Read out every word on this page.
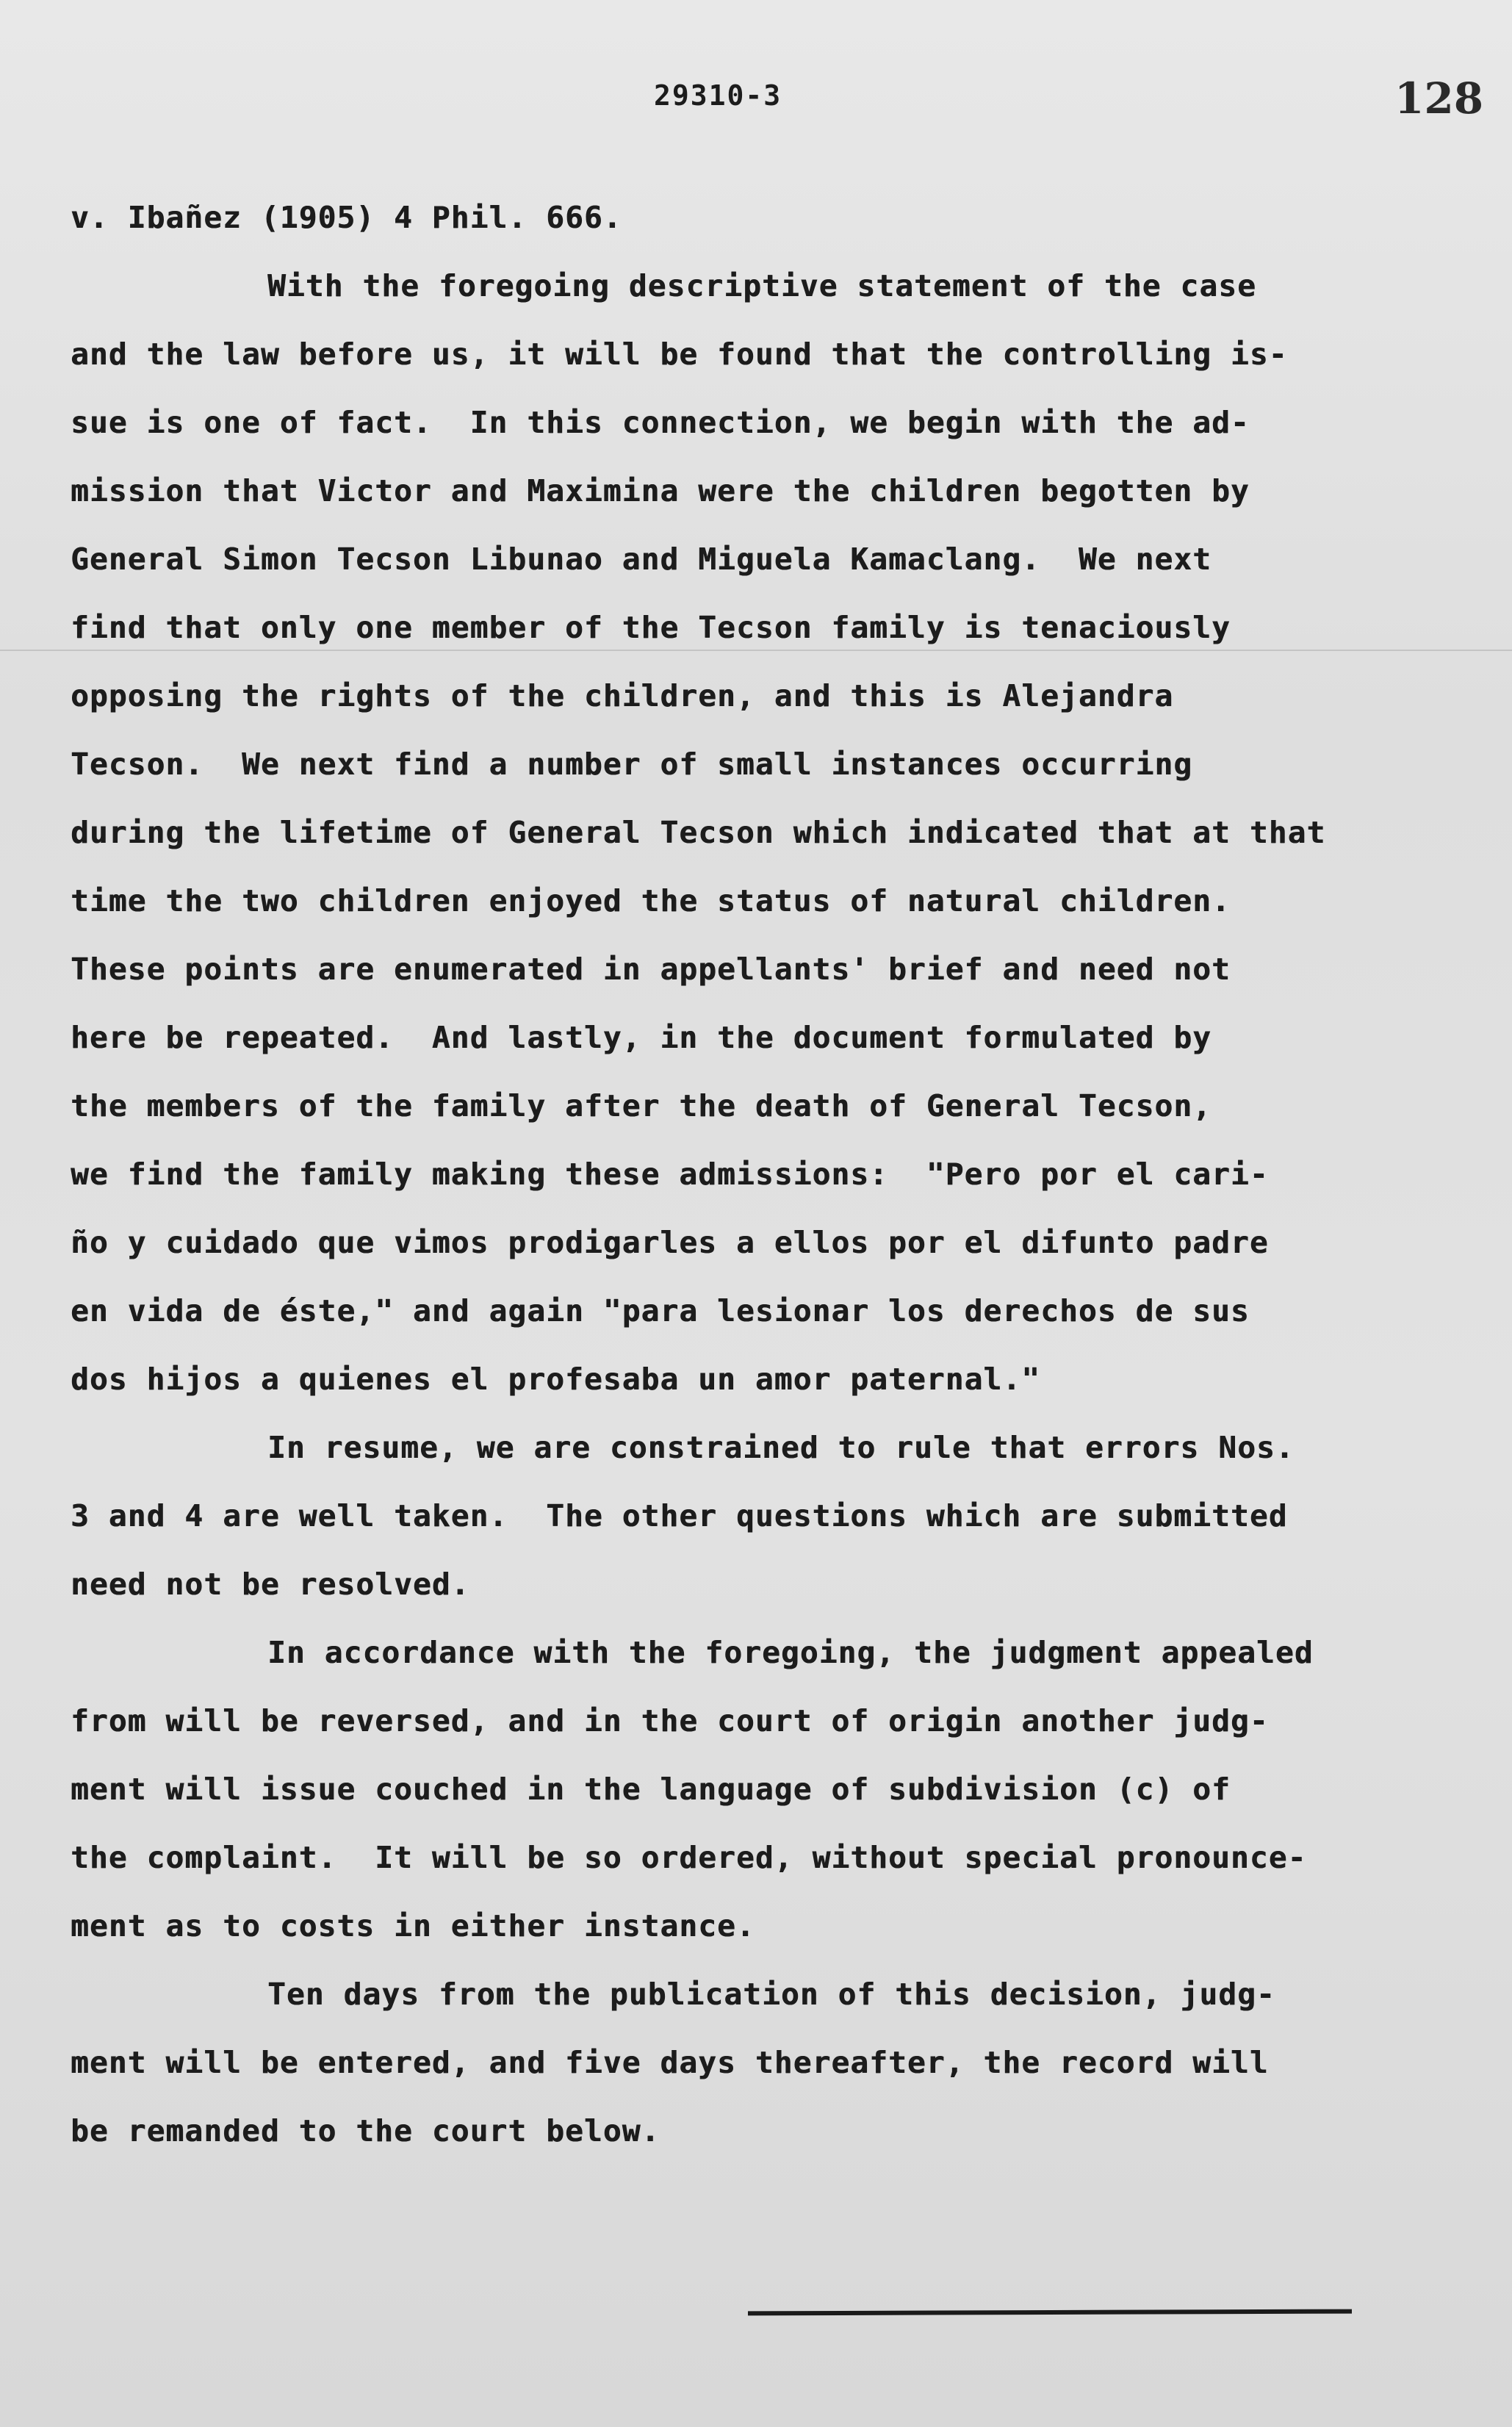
29310-3	128
v. Ibañez (1905) 4 Phil. 666.
With the foregoing descriptive statement of the case
and the law before us, it will be found that the controlling is-
sue is one of fact.  In this connection, we begin with the ad-
mission that Victor and Maximina were the children begotten by
General Simon Tecson Libunao and Miguela Kamaclang.  We next
find that only one member of the Tecson family is tenaciously
opposing the rights of the children, and this is Alejandra
Tecson.  We next find a number of small instances occurring
during the lifetime of General Tecson which indicated that at that
time the two children enjoyed the status of natural children.
These points are enumerated in appellants' brief and need not
here be repeated.  And lastly, in the document formulated by
the members of the family after the death of General Tecson,
we find the family making these admissions:  "Pero por el cari-
ño y cuidado que vimos prodigarles a ellos por el difunto padre
en vida de éste," and again "para lesionar los derechos de sus
dos hijos a quienes el profesaba un amor paternal."
In resume, we are constrained to rule that errors Nos.
3 and 4 are well taken.  The other questions which are submitted
need not be resolved.
In accordance with the foregoing, the judgment appealed
from will be reversed, and in the court of origin another judg-
ment will issue couched in the language of subdivision (c) of
the complaint.  It will be so ordered, without special pronounce-
ment as to costs in either instance.
Ten days from the publication of this decision, judg-
ment will be entered, and five days thereafter, the record will
be remanded to the court below.
